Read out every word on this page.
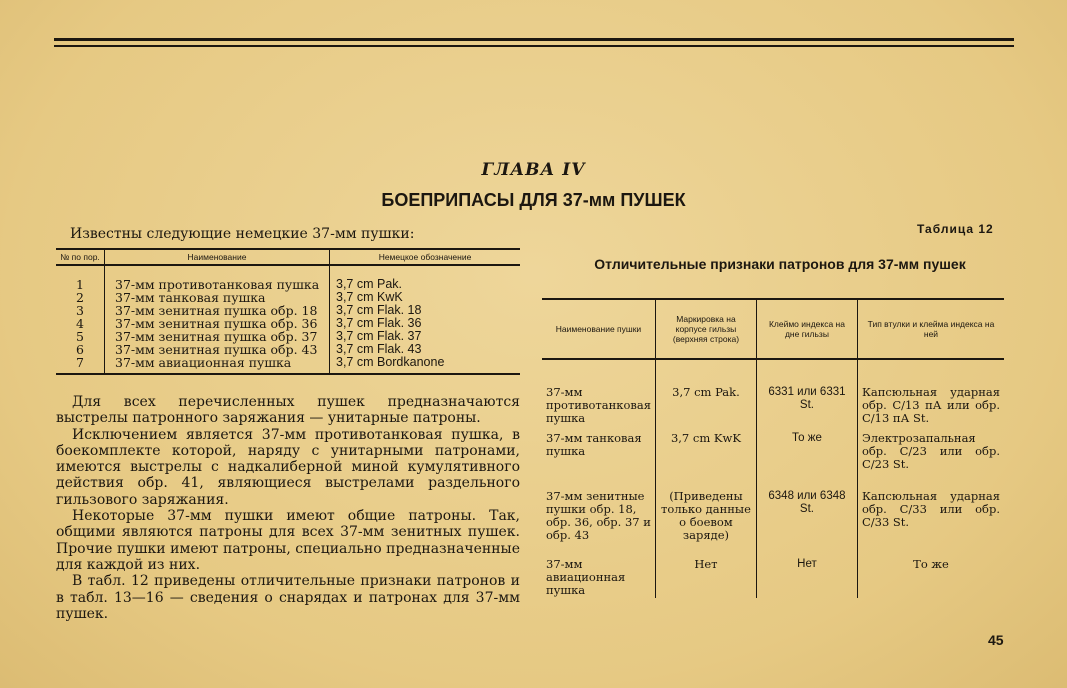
ГЛАВА IV
БОЕПРИПАСЫ ДЛЯ 37-мм ПУШЕК
Известны следующие немецкие 37-мм пушки:
№ по пор.	Наименование	Немецкое обозначение
1	37-мм противотанковая пушка	3,7 cm Pak.
2	37-мм танковая пушка	3,7 cm KwK
3	37-мм зенитная пушка обр. 18	3,7 cm Flak. 18
4	37-мм зенитная пушка обр. 36	3,7 cm Flak. 36
5	37-мм зенитная пушка обр. 37	3,7 cm Flak. 37
6	37-мм зенитная пушка обр. 43	3,7 cm Flak. 43
7	37-мм авиационная пушка	3,7 cm Bordkanone

Для всех перечисленных пушек предназначаются выстрелы патронного заряжания — унитарные патроны.

Исключением является 37-мм противотанковая пушка, в боекомплекте которой, наряду с унитарными патронами, имеются выстрелы с надкалиберной миной кумулятивного действия обр. 41, являющиеся выстрелами раздельного гильзового заряжания.

Некоторые 37-мм пушки имеют общие патроны. Так, общими являются патроны для всех 37-мм зенитных пушек. Прочие пушки имеют патроны, специально предназначенные для каждой из них.

В табл. 12 приведены отличительные признаки патронов и в табл. 13—16 — сведения о снарядах и патронах для 37-мм пушек.

Таблица 12
Отличительные признаки патронов для 37-мм пушек
Наименование пушки	Маркировка на корпусе гильзы (верхняя строка)	Клеймо индекса на дне гильзы	Тип втулки и клейма индекса на ней
37-мм противотанковая пушка	3,7 cm Pak.	6331 или 6331 St.	Капсюльная ударная обр. С/13 пА или обр. С/13 пА St.
37-мм танковая пушка	3,7 cm KwK	То же	Электрозапальная обр. С/23 или обр. С/23 St.
37-мм зенитные пушки обр. 18, обр. 36, обр. 37 и обр. 43	(Приведены только данные о боевом заряде)	6348 или 6348 St.	Капсюльная ударная обр. С/33 или обр. С/33 St.
37-мм авиационная пушка	Нет	Нет	То же
45
